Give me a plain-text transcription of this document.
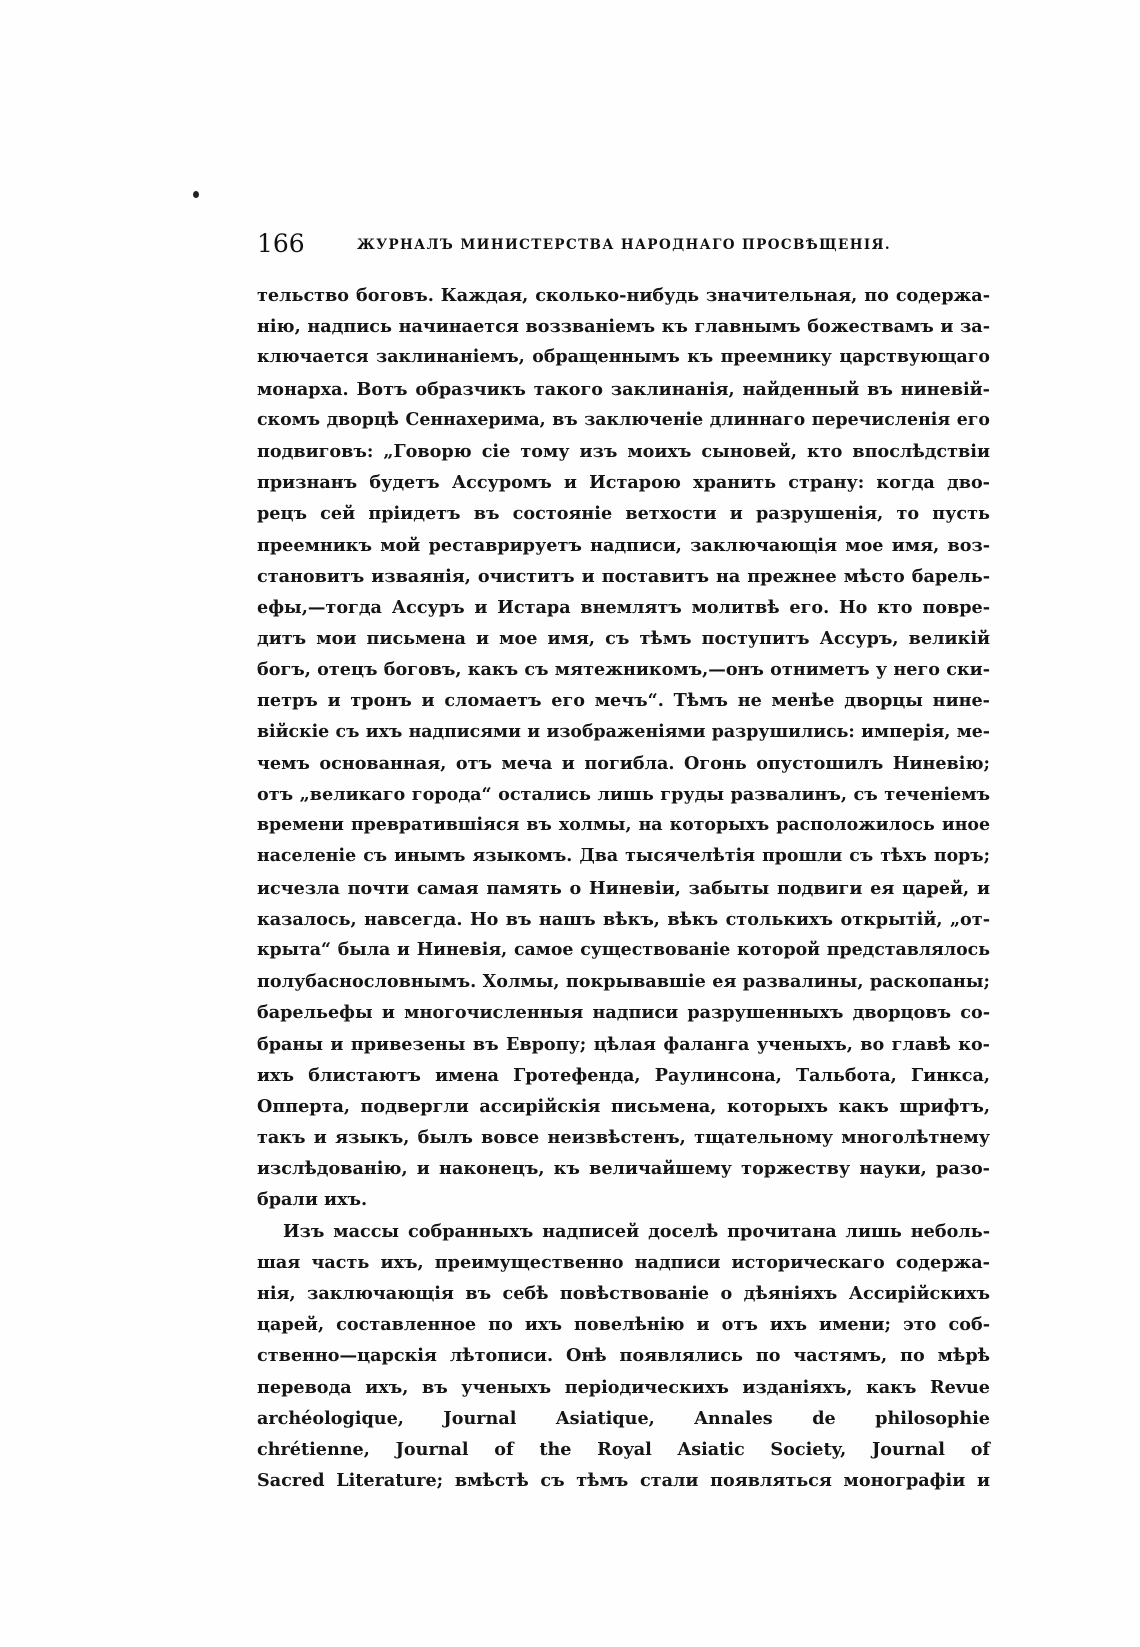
166	ЖУРНАЛЪ МИНИСТЕРСТВА НАРОДНАГО ПРОСВѢЩЕНІЯ.
тельство боговъ. Каждая, сколько-нибудь значительная, по содержа-
нію, надпись начинается воззваніемъ къ главнымъ божествамъ и за-
ключается заклинаніемъ, обращеннымъ къ преемнику царствующаго
монарха. Вотъ образчикъ такого заклинанія, найденный въ ниневій-
скомъ дворцѣ Сеннахерима, въ заключеніе длиннаго перечисленія его
подвиговъ: „Говорю сіе тому изъ моихъ сыновей, кто впослѣдствіи
признанъ будетъ Ассуромъ и Истарою хранить страну: когда дво-
рецъ сей пріидетъ въ состояніе ветхости и разрушенія, то пусть
преемникъ мой реставрируетъ надписи, заключающія мое имя, воз-
становитъ изваянія, очиститъ и поставитъ на прежнее мѣсто барель-
ефы,—тогда Ассуръ и Истара внемлятъ молитвѣ его. Но кто повре-
дитъ мои письмена и мое имя, съ тѣмъ поступитъ Ассуръ, великій
богъ, отецъ боговъ, какъ съ мятежникомъ,—онъ отниметъ у него ски-
петръ и тронъ и сломаетъ его мечъ“. Тѣмъ не менѣе дворцы нине-
війскіе съ ихъ надписями и изображеніями разрушились: имперія, ме-
чемъ основанная, отъ меча и погибла. Огонь опустошилъ Ниневію;
отъ „великаго города“ остались лишь груды развалинъ, съ теченіемъ
времени превратившіяся въ холмы, на которыхъ расположилось иное
населеніе съ инымъ языкомъ. Два тысячелѣтія прошли съ тѣхъ поръ;
исчезла почти самая память о Ниневіи, забыты подвиги ея царей, и
казалось, навсегда. Но въ нашъ вѣкъ, вѣкъ столькихъ открытій, „от-
крыта“ была и Ниневія, самое существованіе которой представлялось
полубаснословнымъ. Холмы, покрывавшіе ея развалины, раскопаны;
барельефы и многочисленныя надписи разрушенныхъ дворцовъ со-
браны и привезены въ Европу; цѣлая фаланга ученыхъ, во главѣ ко-
ихъ блистаютъ имена Гротефенда, Раулинсона, Тальбота, Гинкса,
Опперта, подвергли ассирійскія письмена, которыхъ какъ шрифтъ,
такъ и языкъ, былъ вовсе неизвѣстенъ, тщательному многолѣтнему
изслѣдованію, и наконецъ, къ величайшему торжеству науки, разо-
брали ихъ.
Изъ массы собранныхъ надписей доселѣ прочитана лишь неболь-
шая часть ихъ, преимущественно надписи историческаго содержа-
нія, заключающія въ себѣ повѣствованіе о дѣяніяхъ Ассирійскихъ
царей, составленное по ихъ повелѣнію и отъ ихъ имени; это соб-
ственно—царскія лѣтописи. Онѣ появлялись по частямъ, по мѣрѣ
перевода ихъ, въ ученыхъ періодическихъ изданіяхъ, какъ Revue
archéologique, Journal Asiatique, Annales de philosophie
chrétienne, Journal of the Royal Asiatic Society, Journal of
Sacred Literature; вмѣстѣ съ тѣмъ стали появляться монографіи и
